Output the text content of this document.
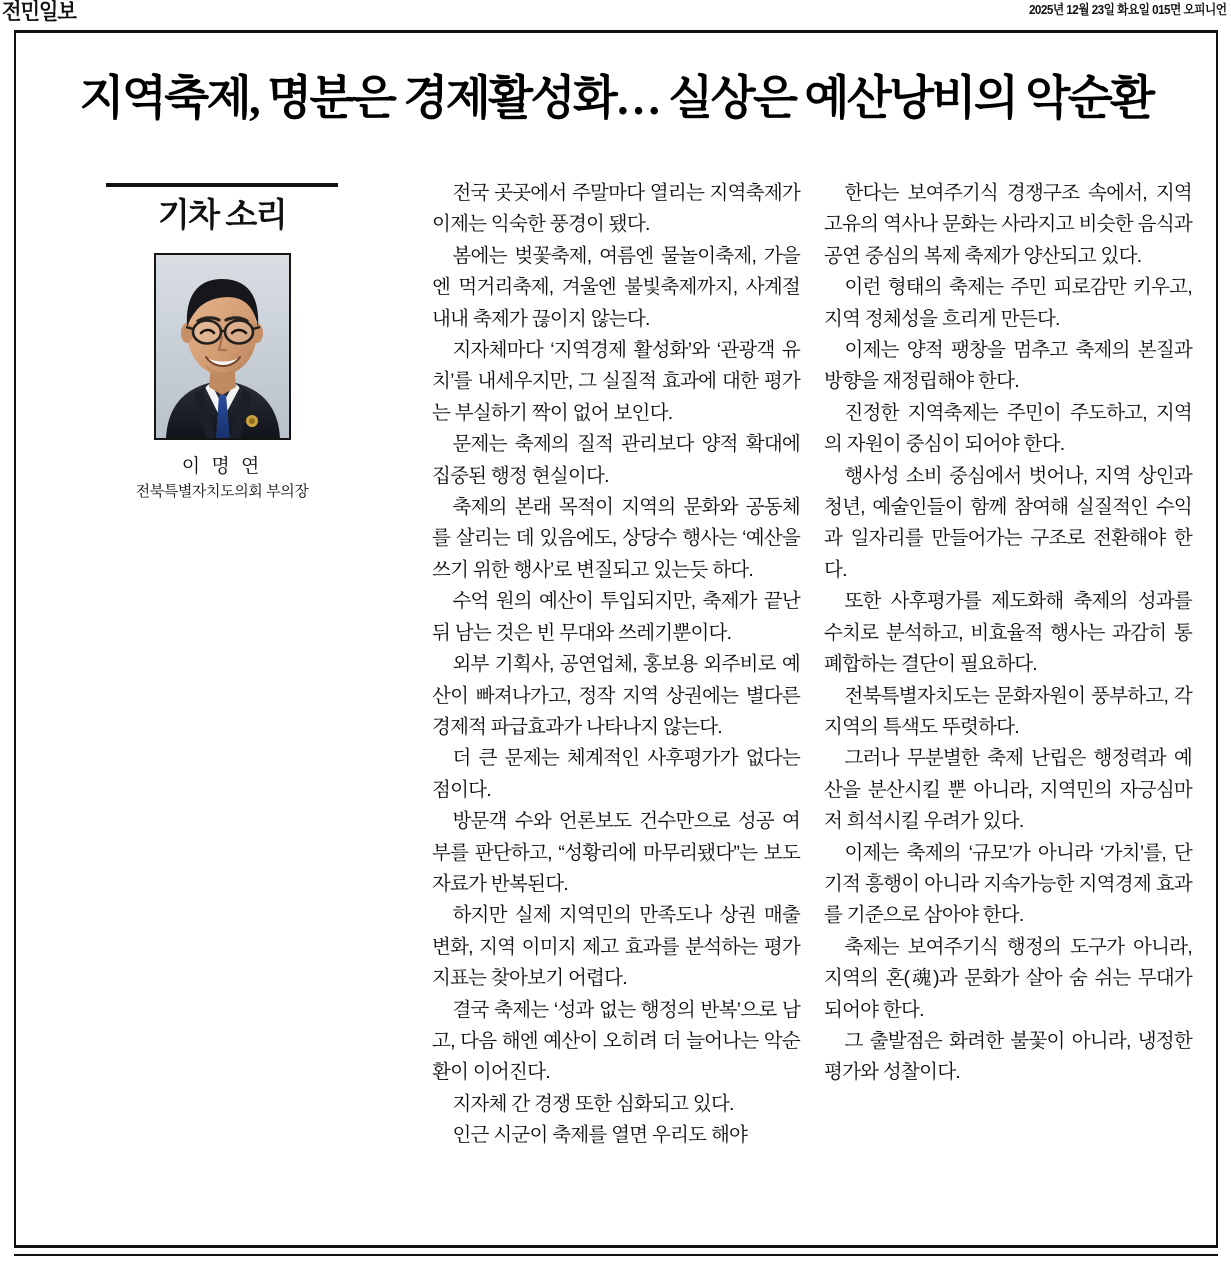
전민일보	2025년 12월 23일 화요일 015면 오피니언
지역축제, 명분은 경제활성화… 실상은 예산낭비의 악순환
기차 소리
이 명 연
전북특별자치도의회 부의장

전국 곳곳에서 주말마다 열리는 지역축제가 이제는 익숙한 풍경이 됐다.

봄에는 벚꽃축제, 여름엔 물놀이축제, 가을엔 먹거리축제, 겨울엔 불빛축제까지, 사계절 내내 축제가 끊이지 않는다.

지자체마다 ‘지역경제 활성화’와 ‘관광객 유치’를 내세우지만, 그 실질적 효과에 대한 평가는 부실하기 짝이 없어 보인다.

문제는 축제의 질적 관리보다 양적 확대에 집중된 행정 현실이다.

축제의 본래 목적이 지역의 문화와 공동체를 살리는 데 있음에도, 상당수 행사는 ‘예산을 쓰기 위한 행사’로 변질되고 있는듯 하다.

수억 원의 예산이 투입되지만, 축제가 끝난 뒤 남는 것은 빈 무대와 쓰레기뿐이다.

외부 기획사, 공연업체, 홍보용 외주비로 예산이 빠져나가고, 정작 지역 상권에는 별다른 경제적 파급효과가 나타나지 않는다.

더 큰 문제는 체계적인 사후평가가 없다는 점이다.

방문객 수와 언론보도 건수만으로 성공 여부를 판단하고, “성황리에 마무리됐다”는 보도자료가 반복된다.

하지만 실제 지역민의 만족도나 상권 매출 변화, 지역 이미지 제고 효과를 분석하는 평가지표는 찾아보기 어렵다.

결국 축제는 ‘성과 없는 행정의 반복’으로 남고, 다음 해엔 예산이 오히려 더 늘어나는 악순환이 이어진다.

지자체 간 경쟁 또한 심화되고 있다.

인근 시군이 축제를 열면 우리도 해야

한다는 보여주기식 경쟁구조 속에서, 지역 고유의 역사나 문화는 사라지고 비슷한 음식과 공연 중심의 복제 축제가 양산되고 있다.

이런 형태의 축제는 주민 피로감만 키우고, 지역 정체성을 흐리게 만든다.

이제는 양적 팽창을 멈추고 축제의 본질과 방향을 재정립해야 한다.

진정한 지역축제는 주민이 주도하고, 지역의 자원이 중심이 되어야 한다.

행사성 소비 중심에서 벗어나, 지역 상인과 청년, 예술인들이 함께 참여해 실질적인 수익과 일자리를 만들어가는 구조로 전환해야 한다.

또한 사후평가를 제도화해 축제의 성과를 수치로 분석하고, 비효율적 행사는 과감히 통폐합하는 결단이 필요하다.

전북특별자치도는 문화자원이 풍부하고, 각 지역의 특색도 뚜렷하다.

그러나 무분별한 축제 난립은 행정력과 예산을 분산시킬 뿐 아니라, 지역민의 자긍심마저 희석시킬 우려가 있다.

이제는 축제의 ‘규모’가 아니라 ‘가치’를, 단기적 흥행이 아니라 지속가능한 지역경제 효과를 기준으로 삼아야 한다.

축제는 보여주기식 행정의 도구가 아니라, 지역의 혼(魂)과 문화가 살아 숨 쉬는 무대가 되어야 한다.

그 출발점은 화려한 불꽃이 아니라, 냉정한 평가와 성찰이다.
